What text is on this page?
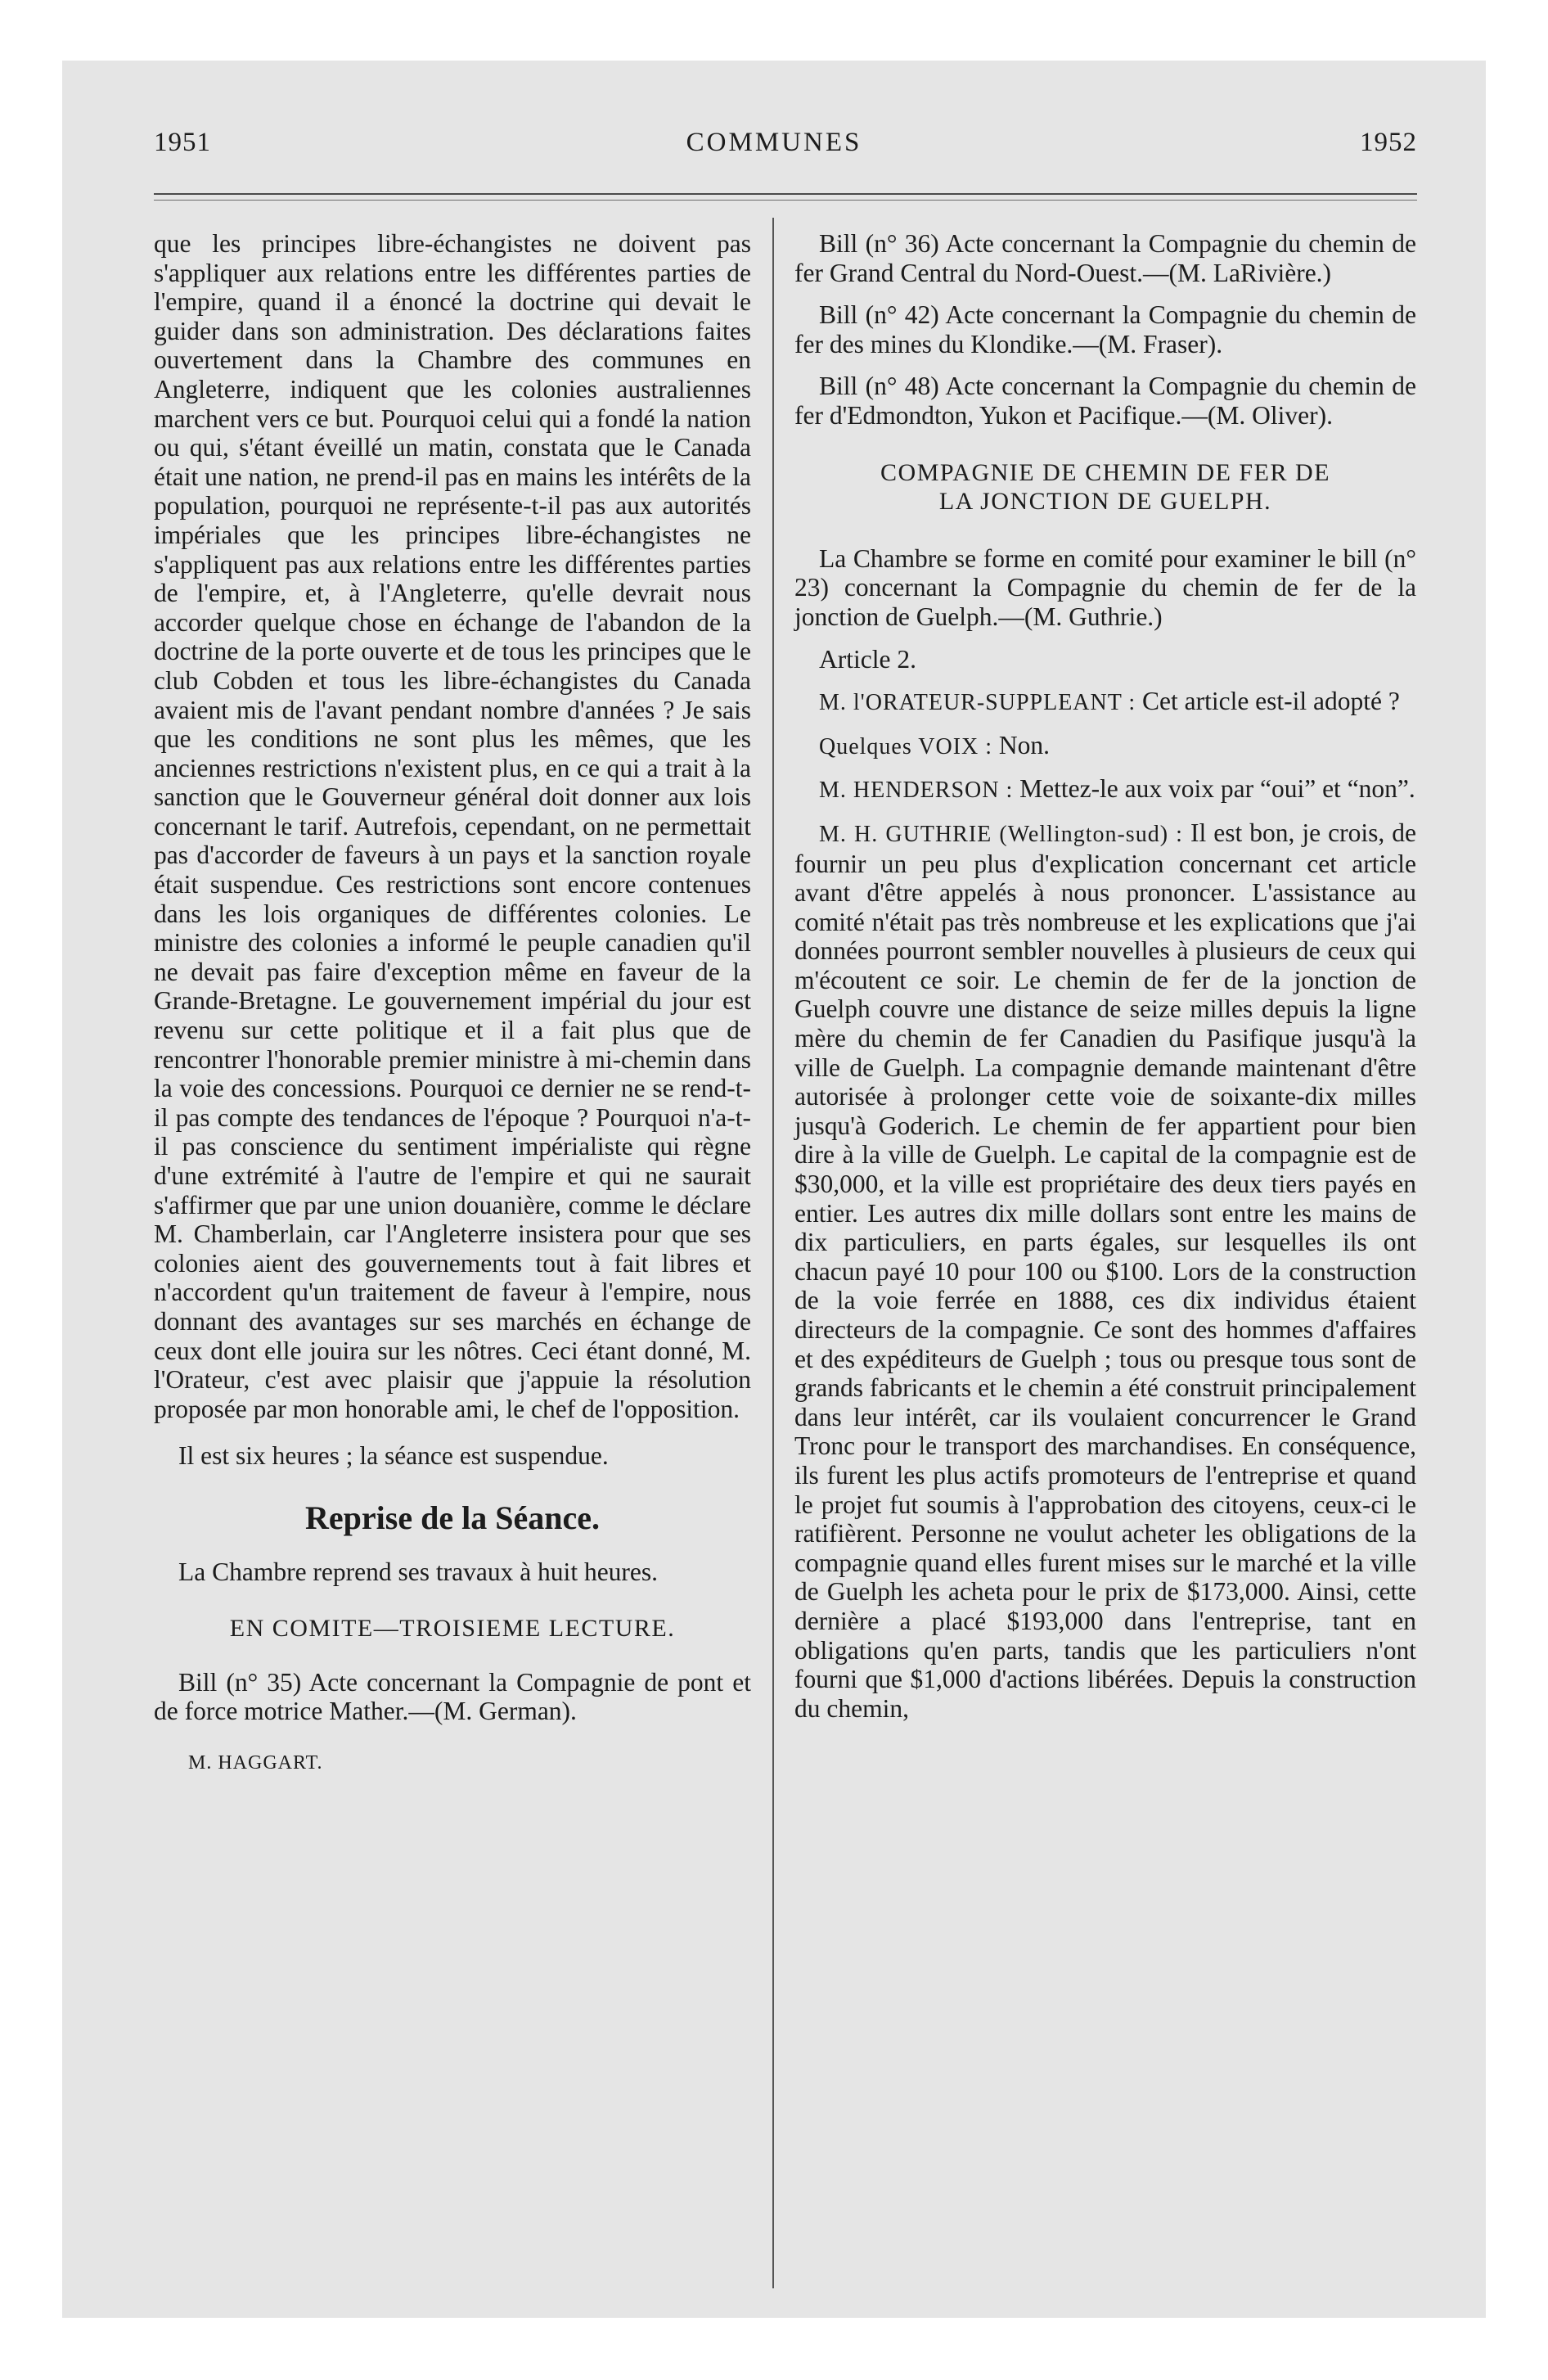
1951	COMMUNES	1952

que les principes libre-échangistes ne doivent pas s'appliquer aux relations entre les différentes parties de l'empire, quand il a énoncé la doctrine qui devait le guider dans son administration. Des déclarations faites ouvertement dans la Chambre des communes en Angleterre, indiquent que les colonies australiennes marchent vers ce but. Pourquoi celui qui a fondé la nation ou qui, s'étant éveillé un matin, constata que le Canada était une nation, ne prend-il pas en mains les intérêts de la population, pourquoi ne représente-t-il pas aux autorités impériales que les principes libre-échangistes ne s'appliquent pas aux relations entre les différentes parties de l'empire, et, à l'Angleterre, qu'elle devrait nous accorder quelque chose en échange de l'abandon de la doctrine de la porte ouverte et de tous les principes que le club Cobden et tous les libre-échangistes du Canada avaient mis de l'avant pendant nombre d'années ? Je sais que les conditions ne sont plus les mêmes, que les anciennes restrictions n'existent plus, en ce qui a trait à la sanction que le Gouverneur général doit donner aux lois concernant le tarif. Autrefois, cependant, on ne permettait pas d'accorder de faveurs à un pays et la sanction royale était suspendue. Ces restrictions sont encore contenues dans les lois organiques de différentes colonies. Le ministre des colonies a informé le peuple canadien qu'il ne devait pas faire d'exception même en faveur de la Grande-Bretagne. Le gouvernement impérial du jour est revenu sur cette politique et il a fait plus que de rencontrer l'honorable premier ministre à mi-chemin dans la voie des concessions. Pourquoi ce dernier ne se rend-t-il pas compte des tendances de l'époque ? Pourquoi n'a-t-il pas conscience du sentiment impérialiste qui règne d'une extrémité à l'autre de l'empire et qui ne saurait s'affirmer que par une union douanière, comme le déclare M. Chamberlain, car l'Angleterre insistera pour que ses colonies aient des gouvernements tout à fait libres et n'accordent qu'un traitement de faveur à l'empire, nous donnant des avantages sur ses marchés en échange de ceux dont elle jouira sur les nôtres. Ceci étant donné, M. l'Orateur, c'est avec plaisir que j'appuie la résolution proposée par mon honorable ami, le chef de l'opposition.

Il est six heures ; la séance est suspendue.

Reprise de la Séance.

La Chambre reprend ses travaux à huit heures.

EN COMITE—TROISIEME LECTURE.

Bill (n° 35) Acte concernant la Compagnie de pont et de force motrice Mather.—(M. German).

M. HAGGART.

Bill (n° 36) Acte concernant la Compagnie du chemin de fer Grand Central du Nord-Ouest.—(M. LaRivière.)

Bill (n° 42) Acte concernant la Compagnie du chemin de fer des mines du Klondike.—(M. Fraser).

Bill (n° 48) Acte concernant la Compagnie du chemin de fer d'Edmondton, Yukon et Pacifique.—(M. Oliver).

COMPAGNIE DE CHEMIN DE FER DE
LA JONCTION DE GUELPH.

La Chambre se forme en comité pour examiner le bill (n° 23) concernant la Compagnie du chemin de fer de la jonction de Guelph.—(M. Guthrie.)

Article 2.

M. l'ORATEUR-SUPPLEANT : Cet article est-il adopté ?

Quelques VOIX : Non.

M. HENDERSON : Mettez-le aux voix par “oui” et “non”.

M. H. GUTHRIE (Wellington-sud) : Il est bon, je crois, de fournir un peu plus d'explication concernant cet article avant d'être appelés à nous prononcer. L'assistance au comité n'était pas très nombreuse et les explications que j'ai données pourront sembler nouvelles à plusieurs de ceux qui m'écoutent ce soir. Le chemin de fer de la jonction de Guelph couvre une distance de seize milles depuis la ligne mère du chemin de fer Canadien du Pasifique jusqu'à la ville de Guelph. La compagnie demande maintenant d'être autorisée à prolonger cette voie de soixante-dix milles jusqu'à Goderich. Le chemin de fer appartient pour bien dire à la ville de Guelph. Le capital de la compagnie est de $30,000, et la ville est propriétaire des deux tiers payés en entier. Les autres dix mille dollars sont entre les mains de dix particuliers, en parts égales, sur lesquelles ils ont chacun payé 10 pour 100 ou $100. Lors de la construction de la voie ferrée en 1888, ces dix individus étaient directeurs de la compagnie. Ce sont des hommes d'affaires et des expéditeurs de Guelph ; tous ou presque tous sont de grands fabricants et le chemin a été construit principalement dans leur intérêt, car ils voulaient concurrencer le Grand Tronc pour le transport des marchandises. En conséquence, ils furent les plus actifs promoteurs de l'entreprise et quand le projet fut soumis à l'approbation des citoyens, ceux-ci le ratifièrent. Personne ne voulut acheter les obligations de la compagnie quand elles furent mises sur le marché et la ville de Guelph les acheta pour le prix de $173,000. Ainsi, cette dernière a placé $193,000 dans l'entreprise, tant en obligations qu'en parts, tandis que les particuliers n'ont fourni que $1,000 d'actions libérées. Depuis la construction du chemin,
